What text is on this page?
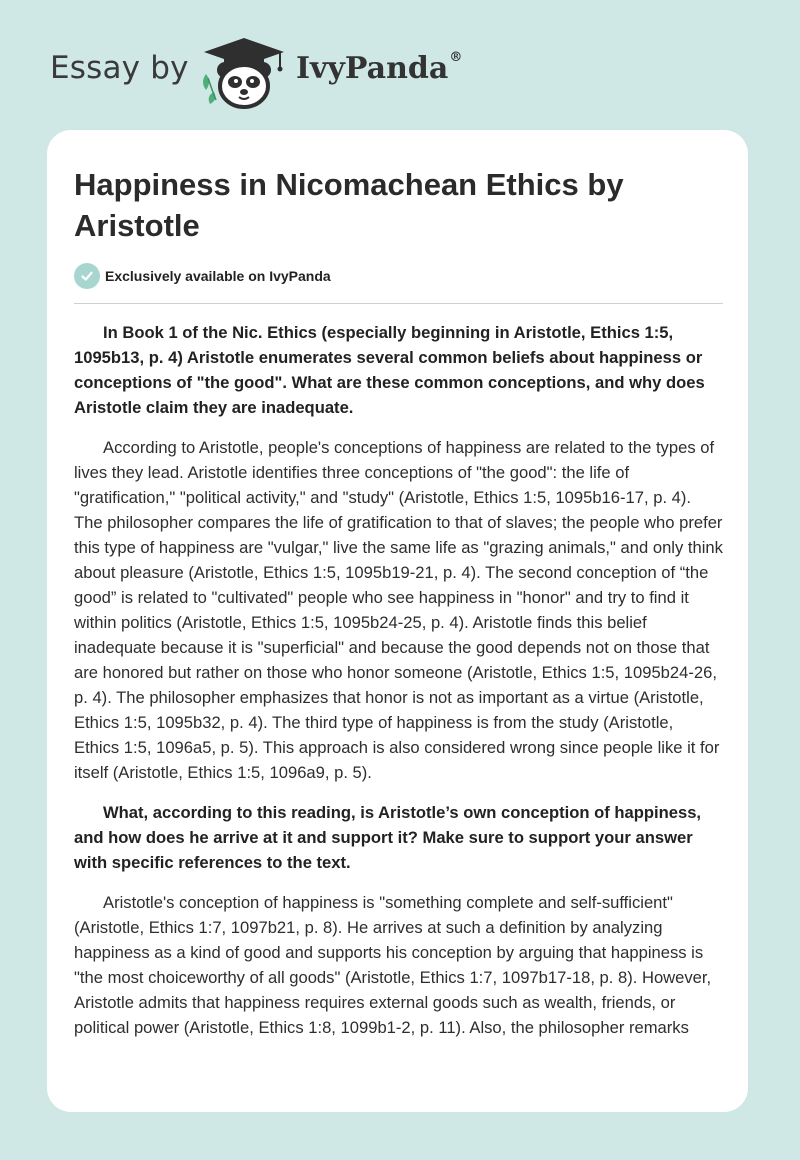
Essay by	IvyPanda®
Happiness in Nicomachean Ethics by Aristotle
Exclusively available on IvyPanda

In Book 1 of the Nic. Ethics (especially beginning in Aristotle, Ethics 1:5, 1095b13, p. 4) Aristotle enumerates several common beliefs about happiness or conceptions of "the good". What are these common conceptions, and why does Aristotle claim they are inadequate.

According to Aristotle, people's conceptions of happiness are related to the types of lives they lead. Aristotle identifies three conceptions of "the good": the life of "gratification," "political activity," and "study" (Aristotle, Ethics 1:5, 1095b16-17, p. 4). The philosopher compares the life of gratification to that of slaves; the people who prefer this type of happiness are "vulgar," live the same life as "grazing animals," and only think about pleasure (Aristotle, Ethics 1:5, 1095b19-21, p. 4). The second conception of “the good” is related to "cultivated" people who see happiness in "honor" and try to find it within politics (Aristotle, Ethics 1:5, 1095b24-25, p. 4). Aristotle finds this belief inadequate because it is "superficial" and because the good depends not on those that are honored but rather on those who honor someone (Aristotle, Ethics 1:5, 1095b24-26, p. 4). The philosopher emphasizes that honor is not as important as a virtue (Aristotle, Ethics 1:5, 1095b32, p. 4). The third type of happiness is from the study (Aristotle, Ethics 1:5, 1096a5, p. 5). This approach is also considered wrong since people like it for itself (Aristotle, Ethics 1:5, 1096a9, p. 5).

What, according to this reading, is Aristotle’s own conception of happiness, and how does he arrive at it and support it? Make sure to support your answer with specific references to the text.

Aristotle's conception of happiness is "something complete and self-sufficient" (Aristotle, Ethics 1:7, 1097b21, p. 8). He arrives at such a definition by analyzing happiness as a kind of good and supports his conception by arguing that happiness is "the most choiceworthy of all goods" (Aristotle, Ethics 1:7, 1097b17-18, p. 8). However, Aristotle admits that happiness requires external goods such as wealth, friends, or political power (Aristotle, Ethics 1:8, 1099b1-2, p. 11). Also, the philosopher remarks
